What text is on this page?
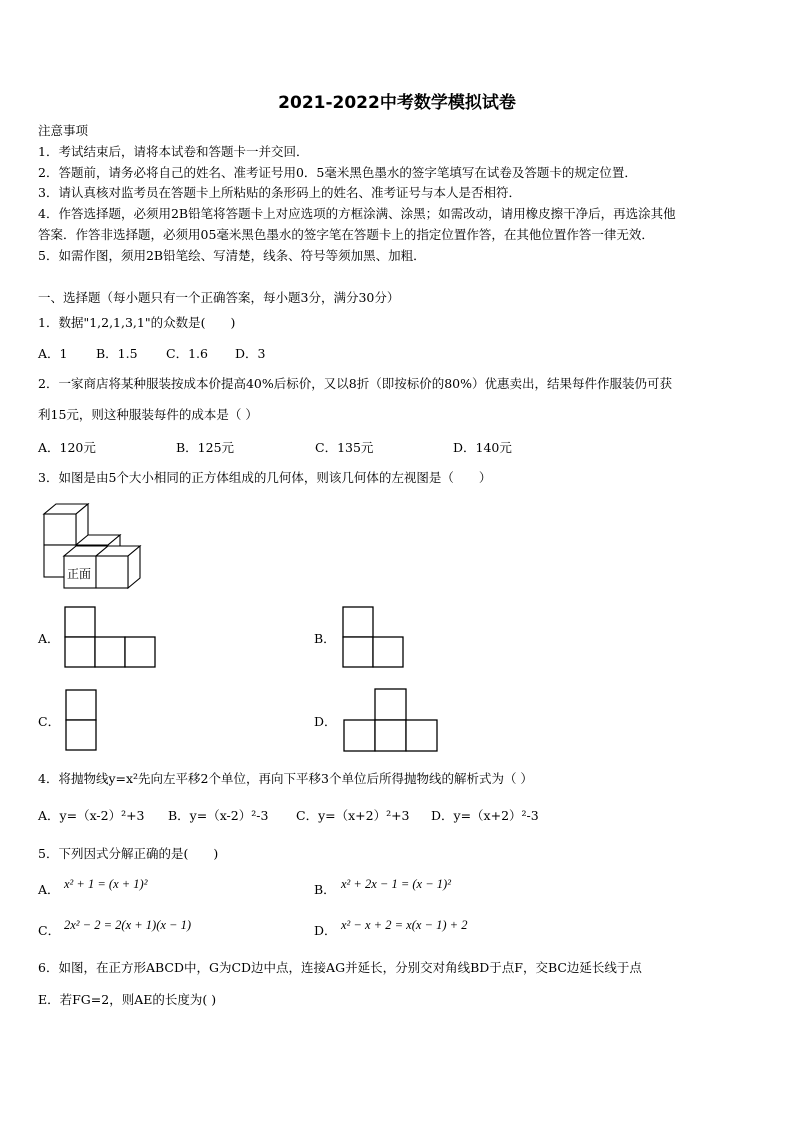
2021-2022中考数学模拟试卷
注意事项
1．考试结束后，请将本试卷和答题卡一并交回．
2．答题前，请务必将自己的姓名、准考证号用0．5毫米黑色墨水的签字笔填写在试卷及答题卡的规定位置．
3．请认真核对监考员在答题卡上所粘贴的条形码上的姓名、准考证号与本人是否相符．
4．作答选择题，必须用2B铅笔将答题卡上对应选项的方框涂满、涂黑；如需改动，请用橡皮擦干净后，再选涂其他
答案．作答非选择题，必须用05毫米黑色墨水的签字笔在答题卡上的指定位置作答，在其他位置作答一律无效．
5．如需作图，须用2B铅笔绘、写清楚，线条、符号等须加黑、加粗．
一、选择题（每小题只有一个正确答案，每小题3分，满分30分）
1．数据"1,2,1,3,1"的众数是(　　)
A．1 B．1.5 C．1.6 D．3
2．一家商店将某种服装按成本价提高40%后标价，又以8折（即按标价的80%）优惠卖出，结果每件作服装仍可获
利15元，则这种服装每件的成本是（ ）
A．120元	B．125元	C．135元	D．140元
3．如图是由5个大小相同的正方体组成的几何体，则该几何体的左视图是（　　）
正面
A．	B．
C．	D．
4．将抛物线y=x²先向左平移2个单位，再向下平移3个单位后所得抛物线的解析式为（ ）
A．y=（x-2）²+3 B．y=（x-2）²-3 C．y=（x+2）²+3 D．y=（x+2）²-3
5．下列因式分解正确的是(　　)
A． x² + 1 = (x + 1)²	B． x² + 2x − 1 = (x − 1)²
C． 2x² − 2 = 2(x + 1)(x − 1)	D． x² − x + 2 = x(x − 1) + 2
6．如图，在正方形ABCD中，G为CD边中点，连接AG并延长，分别交对角线BD于点F，交BC边延长线于点
E．若FG=2，则AE的长度为( )
